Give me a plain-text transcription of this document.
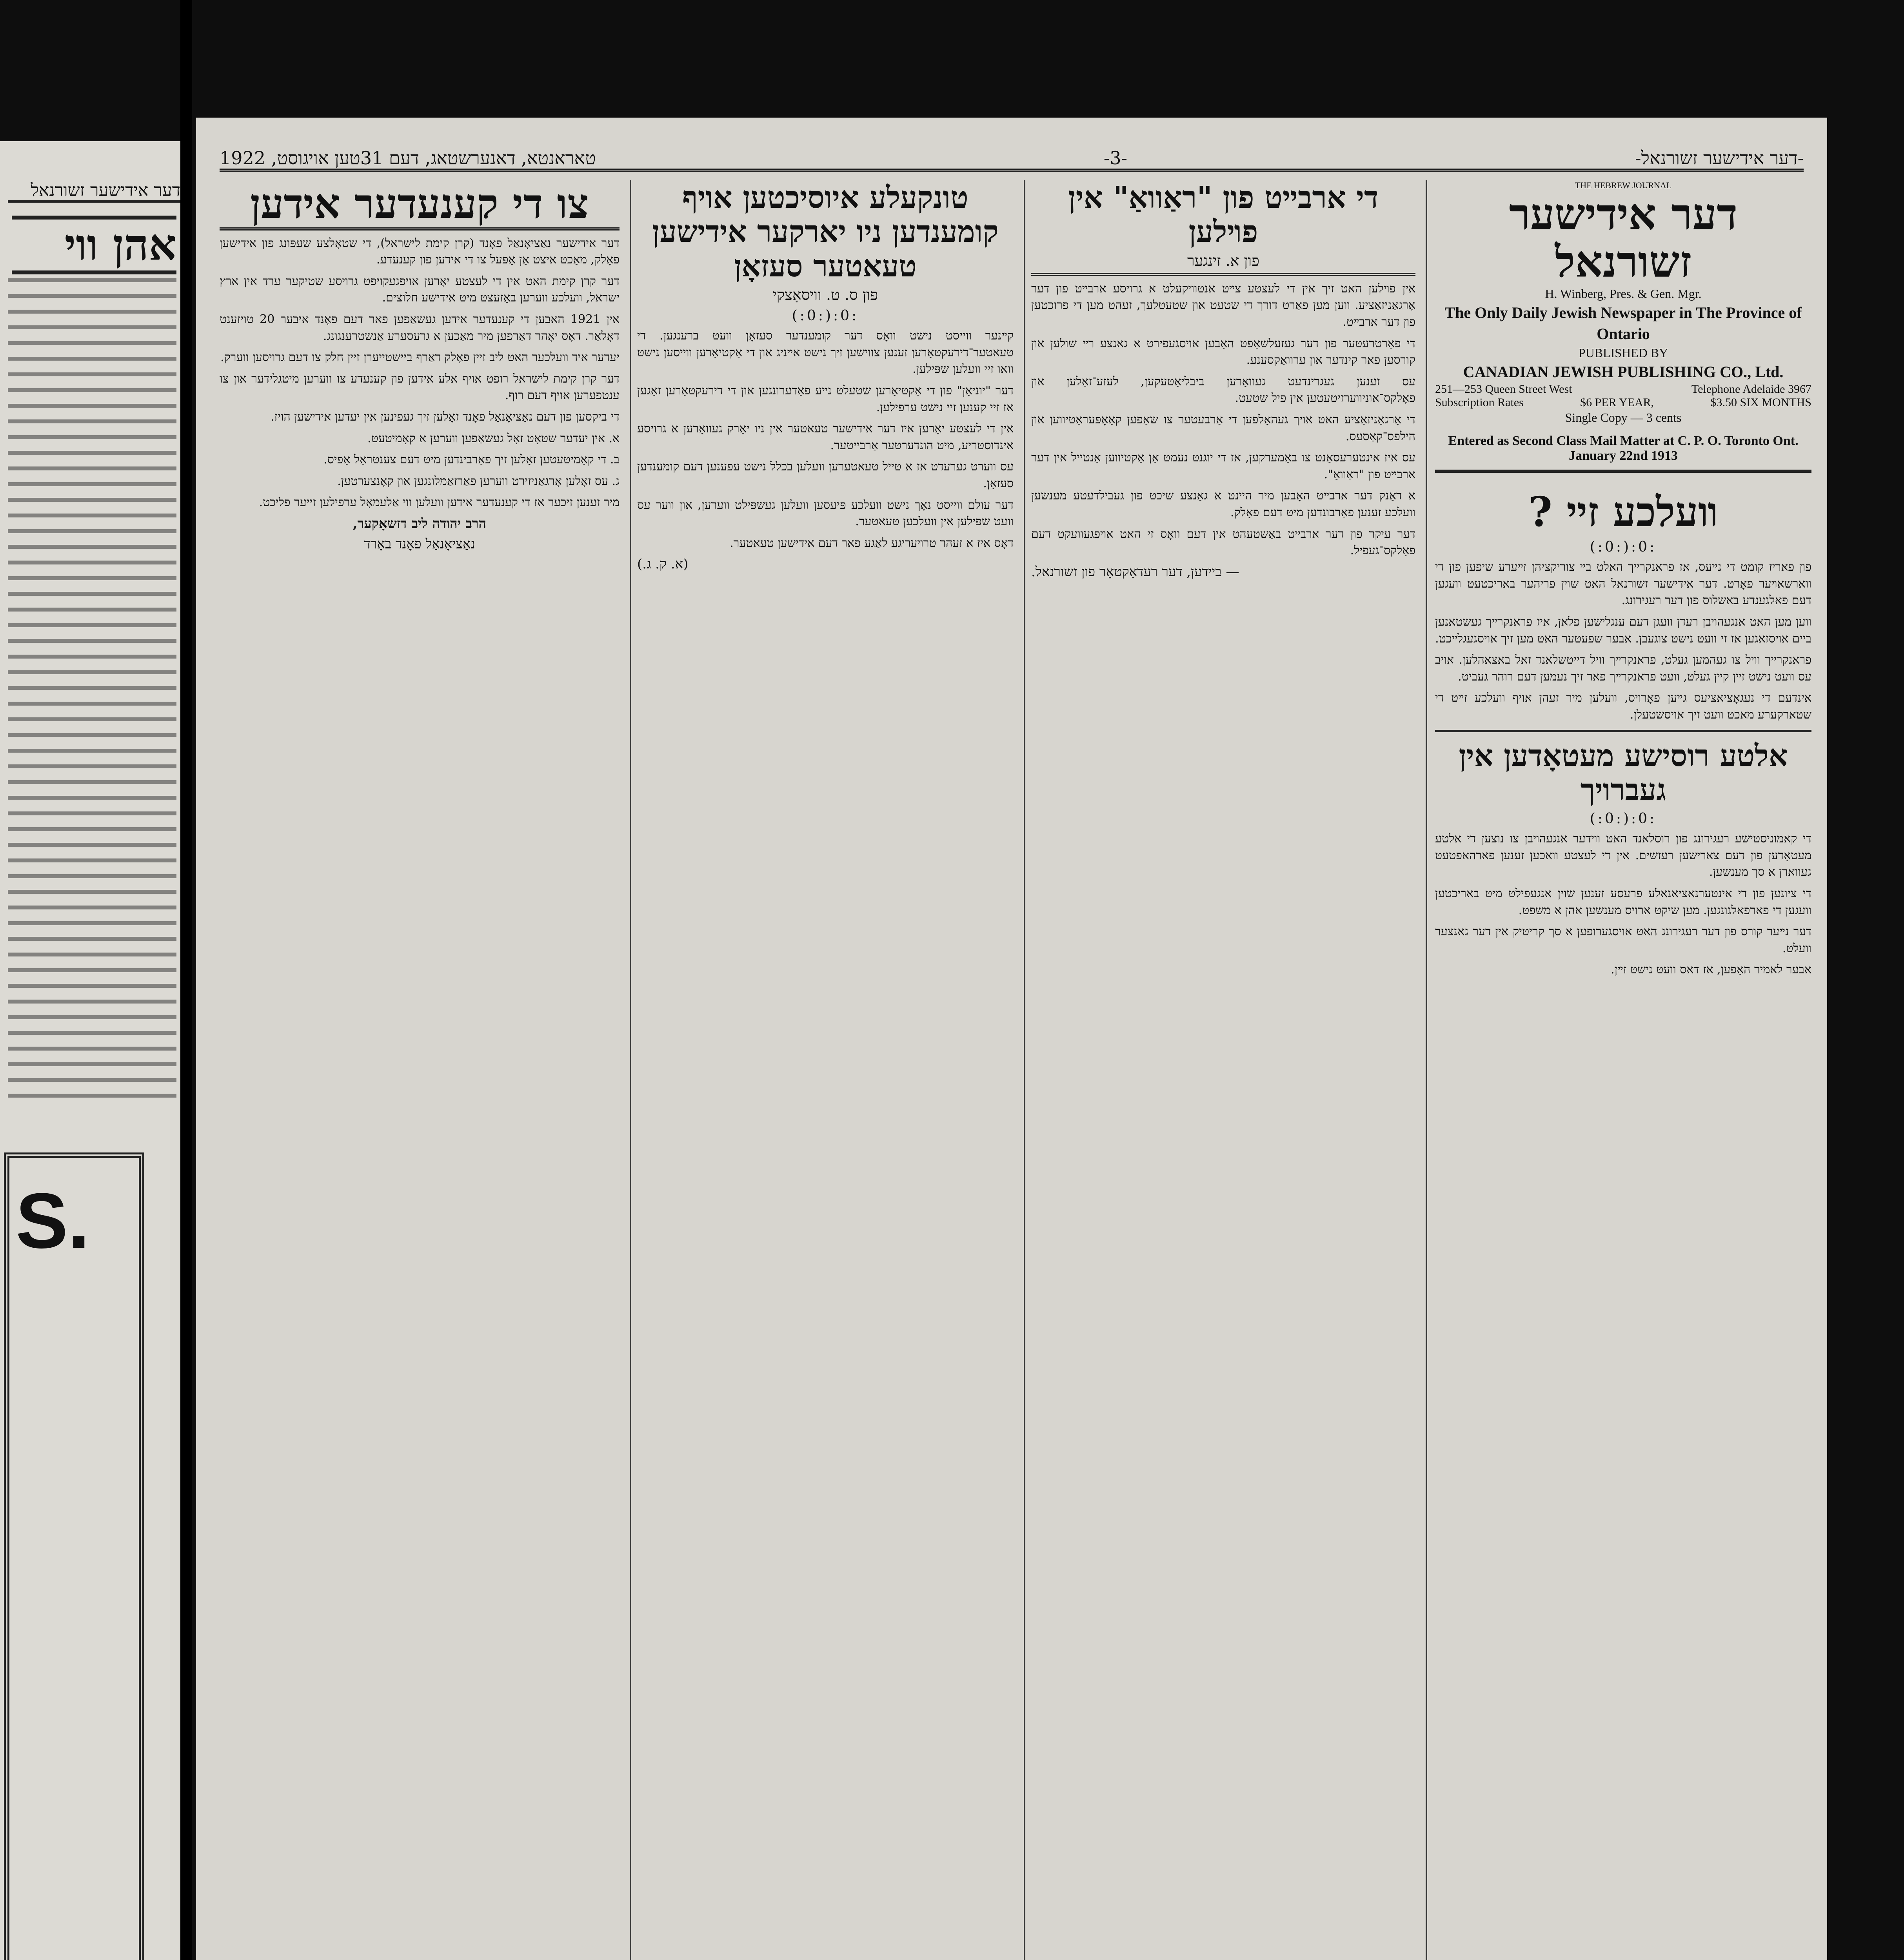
דער אידישער זשורנאל
אהן ווי
S.
-דער אידישער זשורנאל-
-3-
טאראנטא, דאנערשטאג, דעם 31טען אויגוסט, 1922
THE HEBREW JOURNAL
דער אידישער זשורנאל
H. Winberg, Pres. & Gen. Mgr.
The Only Daily Jewish Newspaper in The Province of Ontario
PUBLISHED BY
CANADIAN JEWISH PUBLISHING CO., Ltd.
251—253 Queen Street West	Telephone Adelaide 3967
Subscription Rates	$6 PER YEAR,	$3.50 SIX MONTHS
Single Copy — 3 cents
Entered as Second Class Mail Matter at C. P. O. Toronto Ont. January 22nd 1913
װעלכע זײ ?
:0:(:0:)

פון פאריז קומט די נײעס, אז פראנקרײך האלט בײ צוריקציהן זײערע שיפען פון די ווארשאױער פאָרט. דער אידישער זשורנאל האט שוין פריהער באריכטעט וועגען דעם פאלגענדע באשלוס פון דער רעגירונג.

ווען מען האט אנגעהויבן רעדן וועגן דעם ענגלישען פלאן, איז פראנקרײך געשטאנען ביים אויסזאגען אז זי וועט נישט צוגעבן. אבער שפעטער האט מען זיך אויסגעגלײכט.

פראנקרײך וויל צו געהמען געלט, פראנקרײך וויל דייטשלאנד זאל באצאהלען. אויב עס וועט נישט זײן קײן געלט, וועט פראנקרײך פאר זיך נעמען דעם רוהר געביט.

אינדעם די נעגאָציאציעס גײען פאָרויס, וועלען מיר זעהן אויף וועלכע זײט די שטארקערע מאכט וועט זיך אויסשטעלן.

אלטע רוסישע מעטאָדען אין געברויך
:0:(:0:)

די קאמוניסטישע רעגירונג פון רוסלאנד האט ווידער אנגעהויבן צו נוצען די אלטע מעטאָדען פון דעם צארישען רעזשים. אין די לעצטע וואכען זענען פארהאפטעט געווארן א סך מענשען.

די ציונען פון די אינטערנאציאנאלע פרעסע זענען שוין אנגעפילט מיט באריכטען וועגען די פארפאלגונגען. מען שיקט ארויס מענשען אהן א משפט.

דער נײער קורס פון דער רעגירונג האט אויסגערופען א סך קריטיק אין דער גאנצער וועלט.

אבער לאמיר האָפען, אז דאס וועט נישט זײן.

די ארבײט פון "ראַוואַ" אין פױלען
פון א. זינגער

אין פױלען האט זיך אין די לעצטע צײט אנטוויקעלט א גרויסע ארבײט פון דער אָרגאַניזאַציע. ווען מען פאַרט דורך די שטעט און שטעטלעך, זעהט מען די פרוכטען פון דער ארבײט.

די פאַרטרעטער פון דער געזעלשאַפט האָבען אויסגעפירט א גאנצע רײ שולען און קורסען פאר קינדער און ערוואַקסענע.

עס זענען געגרינדעט געוואָרען ביבליאָטעקען, לעזע־זאַלען און פאָלקס־אוניווערזיטעטען אין פיל שטעט.

די אָרגאַניזאַציע האט אויך געהאָלפען די אַרבעטער צו שאַפען קאָאָפּעראַטיווען און הילפס־קאַסעס.

עס איז אינטערעסאַנט צו באַמערקען, אז די יוגנט נעמט אַן אַקטיווען אַנטייל אין דער ארבײט פון "ראַוואַ".

א דאַנק דער ארבײט האָבען מיר היינט א גאַנצע שיכט פון געבילדעטע מענשען וועלכע זענען פאַרבונדען מיט דעם פאָלק.

דער עיקר פון דער ארבײט באַשטעהט אין דעם וואָס זי האט אויפגעוועקט דעם פאָלקס־געפיל.

— ביידען, דער רעדאַקטאָר פון זשורנאל.
טונקעלע איוסיכטען אויף קומענדען ניו יארקער אידישען טעאטער סעזאָן
פון ס. ט. וויסאָצקי
:0:(:0:)

קײנער ווייסט נישט וואָס דער קומענדער סעזאָן וועט ברענגען. די טעאטער־דירעקטאָרען זענען צווישען זיך נישט אײניג און די אַקטיאָרען ווייסען נישט וואו זיי וועלען שפּילען.

דער "יוניאָן" פון די אַקטיאָרען שטעלט נײע פאָדערונגען און די דירעקטאָרען זאָגען אז זיי קענען זיי נישט ערפילען.

אין די לעצטע יאָרען איז דער אידישער טעאטער אין ניו יאָרק געוואָרען א גרויסע אינדוסטריע, מיט הונדערטער אַרבייטער.

עס ווערט גערעדט אז א טייל טעאטערען וועלען בכלל נישט עפענען דעם קומענדען סעזאָן.

דער עולם ווייסט נאָך נישט וועלכע פּיעסען וועלען געשפּילט ווערען, און ווער עס וועט שפּילען אין וועלכען טעאטער.

דאָס איז א זעהר טרויעריגע לאַגע פאר דעם אידישען טעאטער.

(א. ק. ג.)
צו די קענעדער אידען

דער אידישער נאַציאָנאַל פאָנד (קרן קימת לישראל), די שטאָלצע שעפּונג פון אידישען פאָלק, מאַכט איצט אַן אַפּעל צו די אידען פון קענעדע.

דער קרן קימת האט אין די לעצטע יאָרען אויפגעקויפט גרויסע שטיקער ערד אין ארץ ישראל, וועלכע ווערען באַזעצט מיט אידישע חלוצים.

אין 1921 האבען די קענעדער אידען געשאַפען פאר דעם פאָנד איבער 20 טויזענט דאָלאַר. דאָס יאָהר דאַרפען מיר מאַכען א גרעסערע אַנשטרענגונג.

יעדער איד וועלכער האט ליב זיין פאָלק דאַרף ביישטייערן זיין חלק צו דעם גרויסען ווערק.

דער קרן קימת לישראל רופט אויף אלע אידען פון קענעדע צו ווערען מיטגלידער און צו ענטפערען אויף דעם רוף.

די ביקסען פון דעם נאַציאָנאַל פאָנד זאָלען זיך געפינען אין יעדען אידישען הויז.

א. אין יעדער שטאָט זאָל געשאַפען ווערען א קאָמיטעט.

ב. די קאָמיטעטען זאָלען זיך פאַרבינדען מיט דעם צענטראַל אָפיס.

ג. עס זאָלען אָרגאַניזירט ווערען פאַרזאַמלונגען און קאָנצערטען.

מיר זענען זיכער אז די קענעדער אידען וועלען ווי אַלעמאָל ערפילען זייער פליכט.

הרב יהודה ליב דזשאָקער,
נאַציאָנאַל פאָנד באָרד
